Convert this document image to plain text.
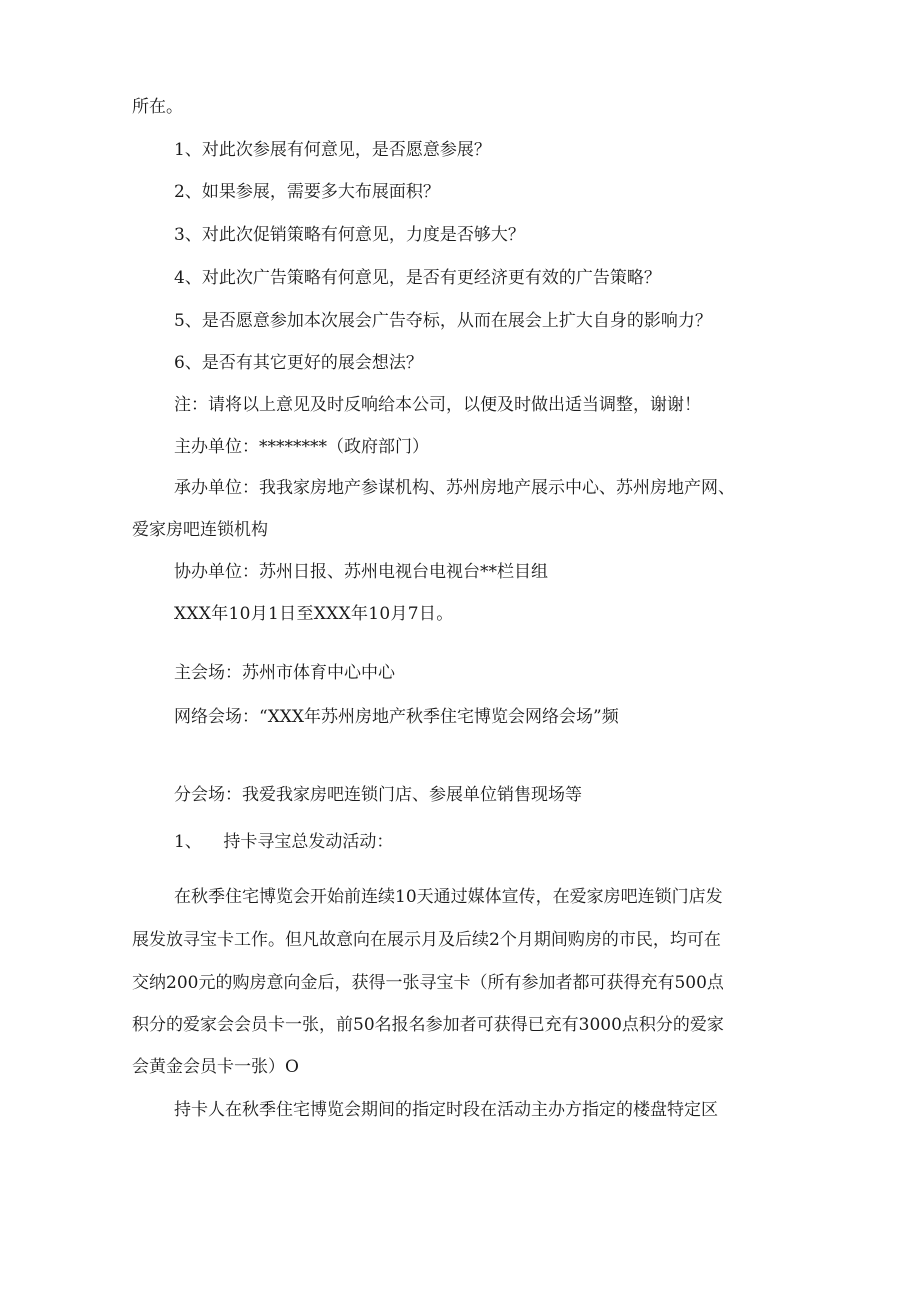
所在。

1、对此次参展有何意见，是否愿意参展？

2、如果参展，需要多大布展面积？

3、对此次促销策略有何意见，力度是否够大？

4、对此次广告策略有何意见，是否有更经济更有效的广告策略？

5、是否愿意参加本次展会广告夺标，从而在展会上扩大自身的影响力？

6、是否有其它更好的展会想法？

注：请将以上意见及时反响给本公司，以便及时做出适当调整，谢谢！

主办单位：********（政府部门）

承办单位：我我家房地产参谋机构、苏州房地产展示中心、苏州房地产网、

爱家房吧连锁机构

协办单位：苏州日报、苏州电视台电视台**栏目组

XXX年10月1日至XXX年10月7日。

主会场：苏州市体育中心中心

网络会场：“XXX年苏州房地产秋季住宅博览会网络会场”频

分会场：我爱我家房吧连锁门店、参展单位销售现场等

1、    持卡寻宝总发动活动：

在秋季住宅博览会开始前连续10天通过媒体宣传，在爱家房吧连锁门店发

展发放寻宝卡工作。但凡故意向在展示月及后续2个月期间购房的市民，均可在

交纳200元的购房意向金后，获得一张寻宝卡（所有参加者都可获得充有500点

积分的爱家会会员卡一张，前50名报名参加者可获得已充有3000点积分的爱家

会黄金会员卡一张）O

持卡人在秋季住宅博览会期间的指定时段在活动主办方指定的楼盘特定区
